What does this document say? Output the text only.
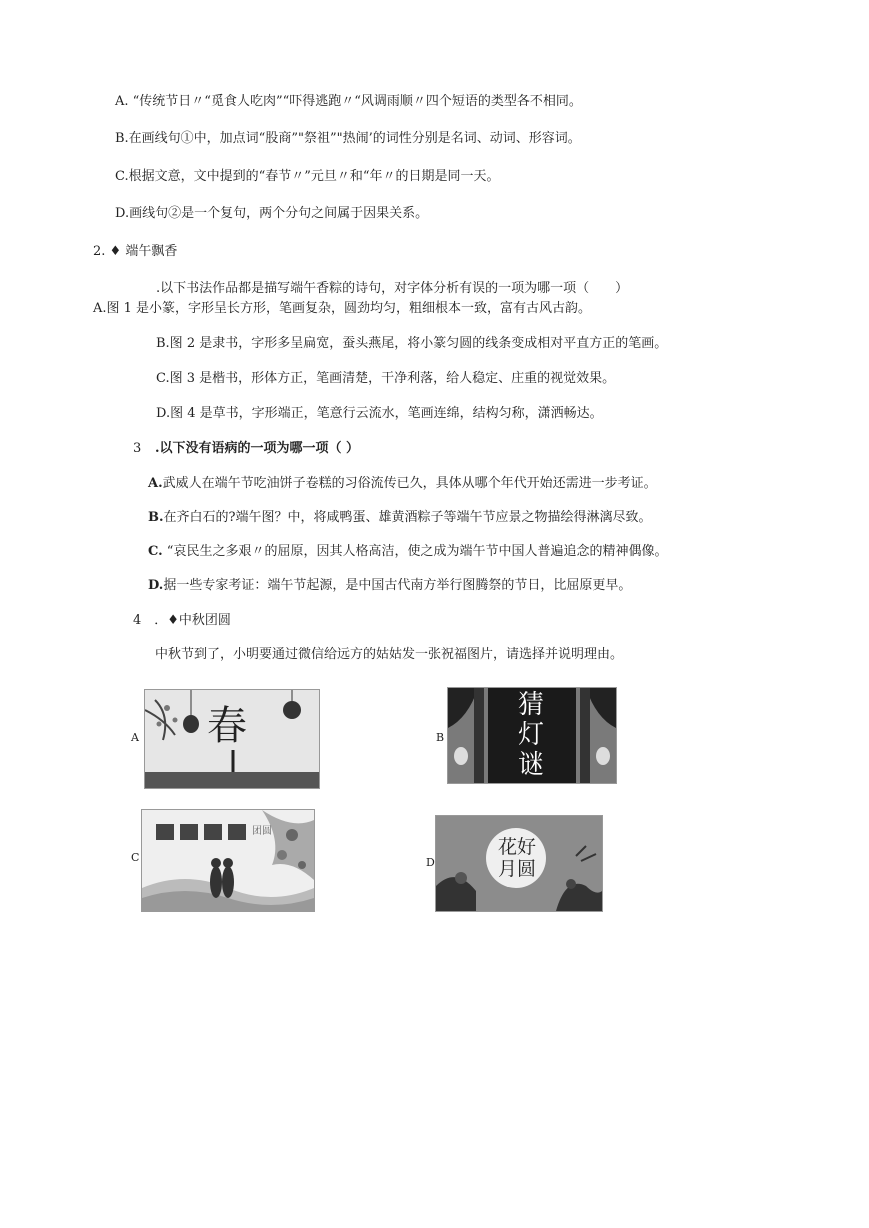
A. “传统节日〃“觅食人吃肉”“吓得逃跑〃“风调雨顺〃四个短语的类型各不相同。
B.在画线句①中，加点词“股商”"祭祖”"热闹’的词性分别是名词、动词、形容词。
C.根据文意，文中提到的“春节〃”元旦〃和“年〃的日期是同一天。
D.画线句②是一个复句，两个分句之间属于因果关系。
2. ♦ 端午飘香
.以下书法作品都是描写端午香粽的诗句，对字体分析有误的一项为哪一项（　　）
A.图 1 是小篆，字形呈长方形，笔画复杂，圆劲均匀，粗细根本一致，富有古风古韵。
B.图 2 是隶书，字形多呈扁宽，蚕头燕尾，将小篆匀圆的线条变成相对平直方正的笔画。
C.图 3 是楷书，形体方正，笔画清楚，干净利落，给人稳定、庄重的视觉效果。
D.图 4 是草书，字形端正，笔意行云流水，笔画连绵，结构匀称，潇洒畅达。
3 .以下没有语病的一项为哪一项（ ）
A.武威人在端午节吃油饼子卷糕的习俗流传已久，具体从哪个年代开始还需进一步考证。
B.在齐白石的?端午图？中，将咸鸭蛋、雄黄酒粽子等端午节应景之物描绘得淋漓尽致。
C. “哀民生之多艰〃的屈原，因其人格高洁，使之成为端午节中国人普遍追念的精神偶像。
D.据一些专家考证：端午节起源，是中国古代南方举行图腾祭的节日，比屈原更早。
4　．♦中秋团圆
中秋节到了，小明要通过微信给远方的姑姑发一张祝福图片，请选择并说明理由。
A 春	B
猜灯谜
C
团圆
D
花好月圆
